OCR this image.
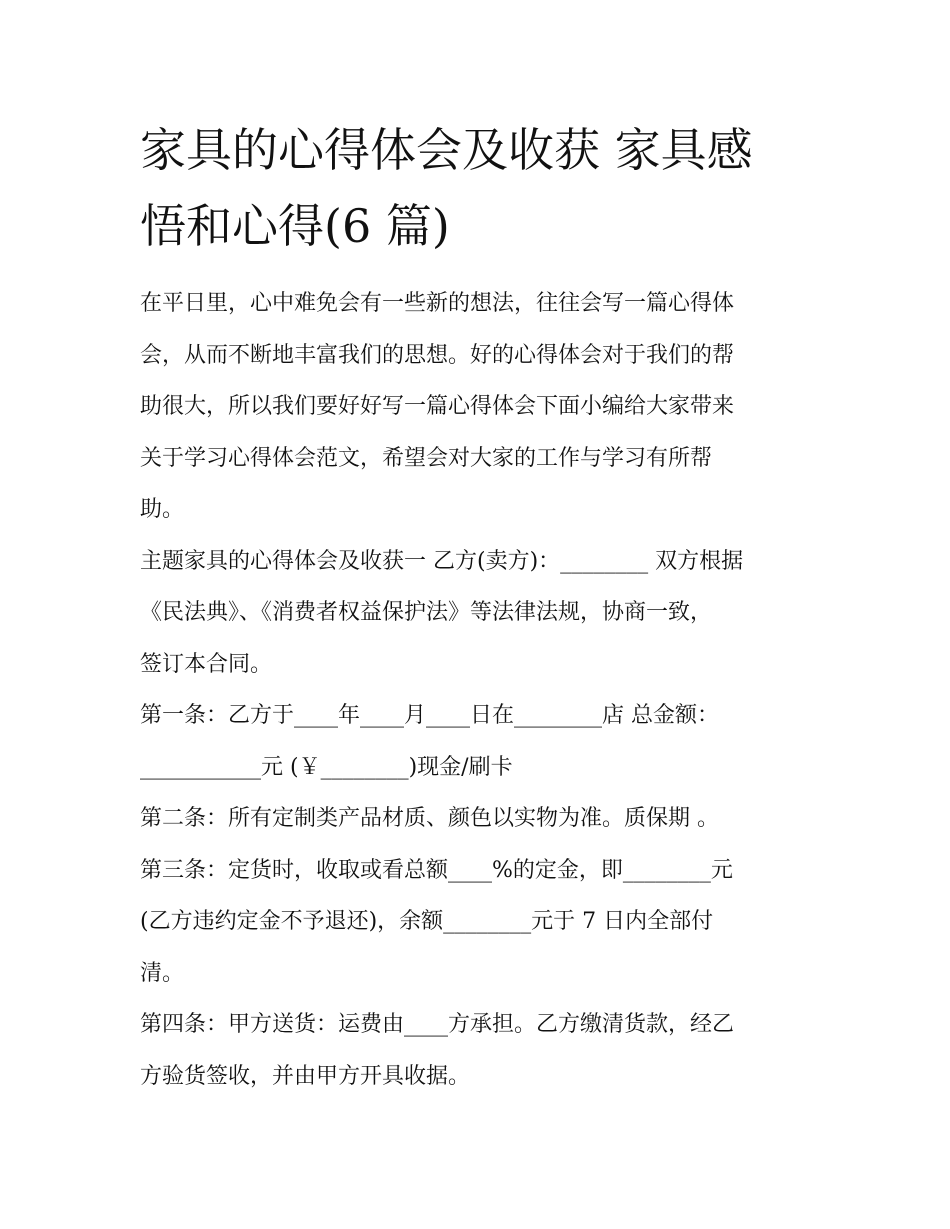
家具的心得体会及收获 家具感
悟和心得(6 篇)
在平日里，心中难免会有一些新的想法，往往会写一篇心得体
会，从而不断地丰富我们的思想。好的心得体会对于我们的帮
助很大，所以我们要好好写一篇心得体会下面小编给大家带来
关于学习心得体会范文，希望会对大家的工作与学习有所帮
助。
主题家具的心得体会及收获一 乙方(卖方)：________ 双方根据
《民法典》、《消费者权益保护法》等法律法规，协商一致，
签订本合同。
第一条：乙方于____年____月____日在________店 总金额：
___________元 (￥________)现金/刷卡
第二条：所有定制类产品材质、颜色以实物为准。质保期 。
第三条：定货时，收取或看总额____%的定金，即________元
(乙方违约定金不予退还)，余额________元于 7 日内全部付
清。
第四条：甲方送货：运费由____方承担。乙方缴清货款，经乙
方验货签收，并由甲方开具收据。
